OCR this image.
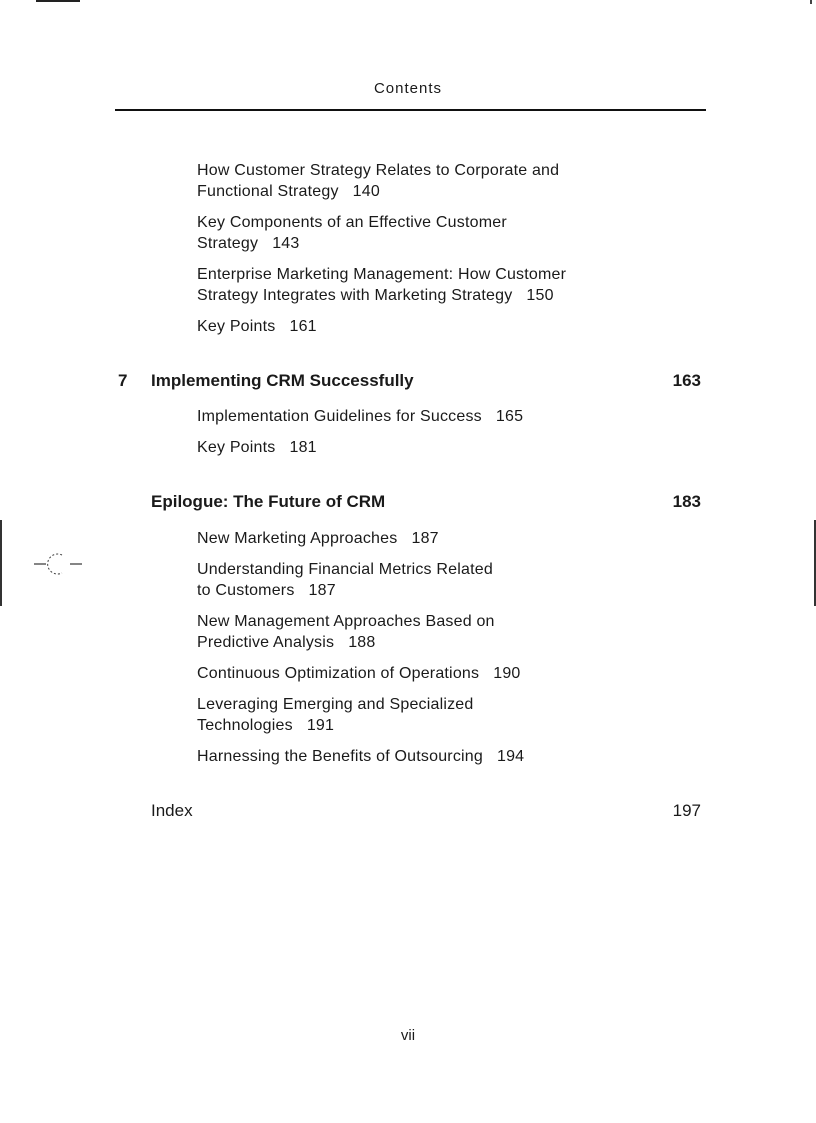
Contents
How Customer Strategy Relates to Corporate and
Functional Strategy 140
Key Components of an Effective Customer
Strategy 143
Enterprise Marketing Management: How Customer
Strategy Integrates with Marketing Strategy 150
Key Points 161
7 Implementing CRM Successfully	163
Implementation Guidelines for Success 165
Key Points 181
Epilogue: The Future of CRM	183
New Marketing Approaches 187
Understanding Financial Metrics Related
to Customers 187
New Management Approaches Based on
Predictive Analysis 188
Continuous Optimization of Operations 190
Leveraging Emerging and Specialized
Technologies 191
Harnessing the Benefits of Outsourcing 194
Index	197
vii
